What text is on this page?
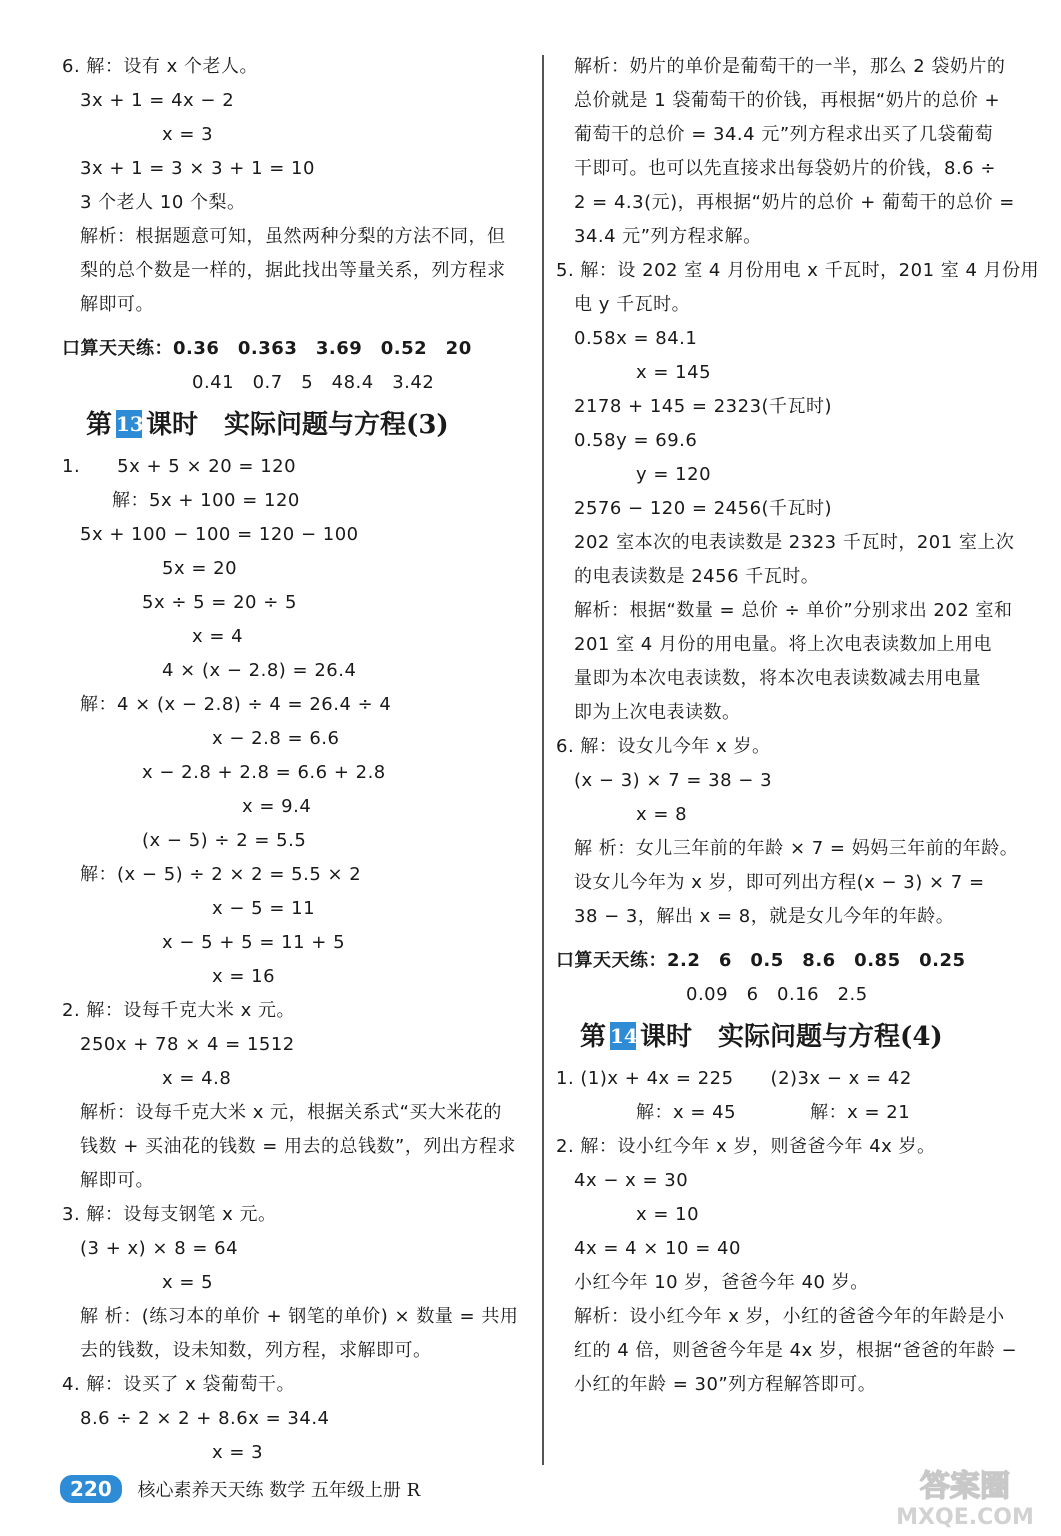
6. 解：设有 x 个老人。
3x + 1 = 4x − 2
x = 3
3x + 1 = 3 × 3 + 1 = 10
3 个老人 10 个梨。
解析：根据题意可知，虽然两种分梨的方法不同，但
梨的总个数是一样的，据此找出等量关系，列方程求
解即可。
口算天天练：0.36　0.363　3.69　0.52　20
0.41　0.7　5　48.4　3.42
第 13课时　实际问题与方程(3)
1.　　5x + 5 × 20 = 120
解：5x + 100 = 120
5x + 100 − 100 = 120 − 100
5x = 20
5x ÷ 5 = 20 ÷ 5
x = 4
4 × (x − 2.8) = 26.4
解：4 × (x − 2.8) ÷ 4 = 26.4 ÷ 4
x − 2.8 = 6.6
x − 2.8 + 2.8 = 6.6 + 2.8
x = 9.4
(x − 5) ÷ 2 = 5.5
解：(x − 5) ÷ 2 × 2 = 5.5 × 2
x − 5 = 11
x − 5 + 5 = 11 + 5
x = 16
2. 解：设每千克大米 x 元。
250x + 78 × 4 = 1512
x = 4.8
解析：设每千克大米 x 元，根据关系式“买大米花的
钱数 + 买油花的钱数 = 用去的总钱数”，列出方程求
解即可。
3. 解：设每支钢笔 x 元。
(3 + x) × 8 = 64
x = 5
解 析：(练习本的单价 + 钢笔的单价) × 数量 = 共用
去的钱数，设未知数，列方程，求解即可。
4. 解：设买了 x 袋葡萄干。
8.6 ÷ 2 × 2 + 8.6x = 34.4
x = 3
解析：奶片的单价是葡萄干的一半，那么 2 袋奶片的
总价就是 1 袋葡萄干的价钱，再根据“奶片的总价 +
葡萄干的总价 = 34.4 元”列方程求出买了几袋葡萄
干即可。也可以先直接求出每袋奶片的价钱，8.6 ÷
2 = 4.3(元)，再根据“奶片的总价 + 葡萄干的总价 =
34.4 元”列方程求解。
5. 解：设 202 室 4 月份用电 x 千瓦时，201 室 4 月份用
电 y 千瓦时。
0.58x = 84.1
x = 145
2178 + 145 = 2323(千瓦时)
0.58y = 69.6
y = 120
2576 − 120 = 2456(千瓦时)
202 室本次的电表读数是 2323 千瓦时，201 室上次
的电表读数是 2456 千瓦时。
解析：根据“数量 = 总价 ÷ 单价”分别求出 202 室和
201 室 4 月份的用电量。将上次电表读数加上用电
量即为本次电表读数，将本次电表读数减去用电量
即为上次电表读数。
6. 解：设女儿今年 x 岁。
(x − 3) × 7 = 38 − 3
x = 8
解 析：女儿三年前的年龄 × 7 = 妈妈三年前的年龄。
设女儿今年为 x 岁，即可列出方程(x − 3) × 7 =
38 − 3，解出 x = 8，就是女儿今年的年龄。
口算天天练：2.2　6　0.5　8.6　0.85　0.25
0.09　6　0.16　2.5
第 14课时　实际问题与方程(4)
1. (1)x + 4x = 225　　(2)3x − x = 42
解：x = 45　　　　解：x = 21
2. 解：设小红今年 x 岁，则爸爸今年 4x 岁。
4x − x = 30
x = 10
4x = 4 × 10 = 40
小红今年 10 岁，爸爸今年 40 岁。
解析：设小红今年 x 岁，小红的爸爸今年的年龄是小
红的 4 倍，则爸爸今年是 4x 岁，根据“爸爸的年龄 −
小红的年龄 = 30”列方程解答即可。
220 核心素养天天练 数学 五年级上册 R	答案圈
MXQE.COM
